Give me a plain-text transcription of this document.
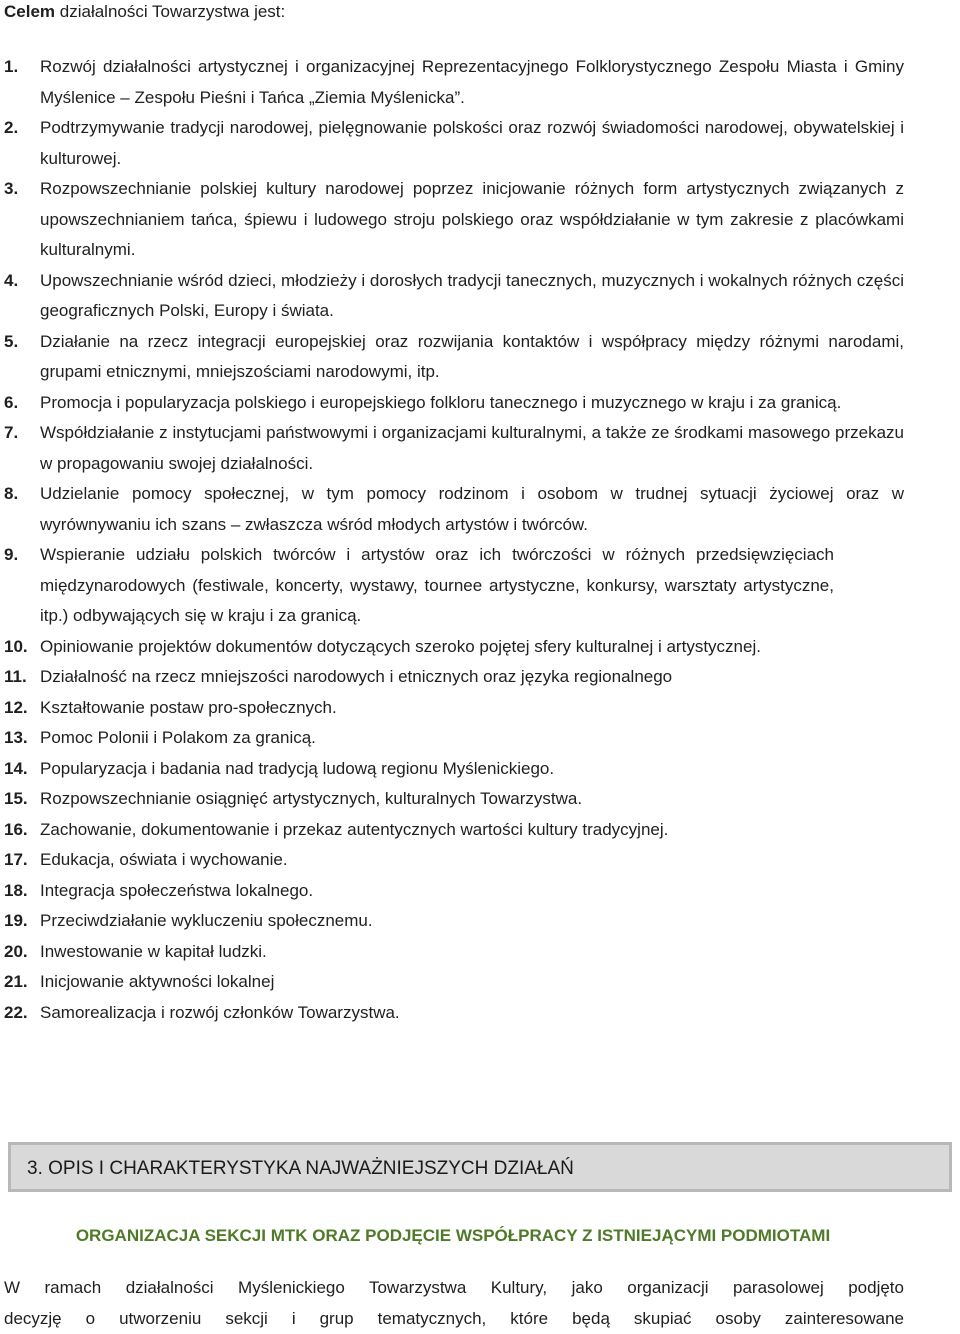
Celem działalności Towarzystwa jest:
1. Rozwój działalności artystycznej i organizacyjnej Reprezentacyjnego Folklorystycznego Zespołu Miasta i Gminy Myślenice – Zespołu Pieśni i Tańca „Ziemia Myślenicka”.
2. Podtrzymywanie tradycji narodowej, pielęgnowanie polskości oraz rozwój świadomości narodowej, obywatelskiej i kulturowej.
3. Rozpowszechnianie polskiej kultury narodowej poprzez inicjowanie różnych form artystycznych związanych z upowszechnianiem tańca, śpiewu i ludowego stroju polskiego oraz współdziałanie w tym zakresie z placówkami kulturalnymi.
4. Upowszechnianie wśród dzieci, młodzieży i dorosłych tradycji tanecznych, muzycznych i wokalnych różnych części geograficznych Polski, Europy i świata.
5. Działanie na rzecz integracji europejskiej oraz rozwijania kontaktów i współpracy między różnymi narodami, grupami etnicznymi, mniejszościami narodowymi, itp.
6. Promocja i popularyzacja polskiego i europejskiego folkloru tanecznego i muzycznego w kraju i za granicą.
7. Współdziałanie z instytucjami państwowymi i organizacjami kulturalnymi, a także ze środkami masowego przekazu w propagowaniu swojej działalności.
8. Udzielanie pomocy społecznej, w tym pomocy rodzinom i osobom w trudnej sytuacji życiowej oraz w wyrównywaniu ich szans – zwłaszcza wśród młodych artystów i twórców.
9. Wspieranie udziału polskich twórców i artystów oraz ich twórczości w różnych przedsięwzięciach międzynarodowych (festiwale, koncerty, wystawy, tournee artystyczne, konkursy, warsztaty artystyczne, itp.) odbywających się w kraju i za granicą.
10. Opiniowanie projektów dokumentów dotyczących szeroko pojętej sfery kulturalnej i artystycznej.
11. Działalność na rzecz mniejszości narodowych i etnicznych oraz języka regionalnego
12. Kształtowanie postaw pro-społecznych.
13. Pomoc Polonii i Polakom za granicą.
14. Popularyzacja i badania nad tradycją ludową regionu Myślenickiego.
15. Rozpowszechnianie osiągnięć artystycznych, kulturalnych Towarzystwa.
16. Zachowanie, dokumentowanie i przekaz autentycznych wartości kultury tradycyjnej.
17. Edukacja, oświata i wychowanie.
18. Integracja społeczeństwa lokalnego.
19. Przeciwdziałanie wykluczeniu społecznemu.
20. Inwestowanie w kapitał ludzki.
21. Inicjowanie aktywności lokalnej
22. Samorealizacja i rozwój członków Towarzystwa.
3. OPIS I CHARAKTERYSTYKA NAJWAŻNIEJSZYCH DZIAŁAŃ
ORGANIZACJA SEKCJI MTK ORAZ PODJĘCIE WSPÓŁPRACY Z ISTNIEJĄCYMI PODMIOTAMI
W ramach działalności Myślenickiego Towarzystwa Kultury, jako organizacji parasolowej podjęto
decyzję o utworzeniu sekcji i grup tematycznych, które będą skupiać osoby zainteresowane
